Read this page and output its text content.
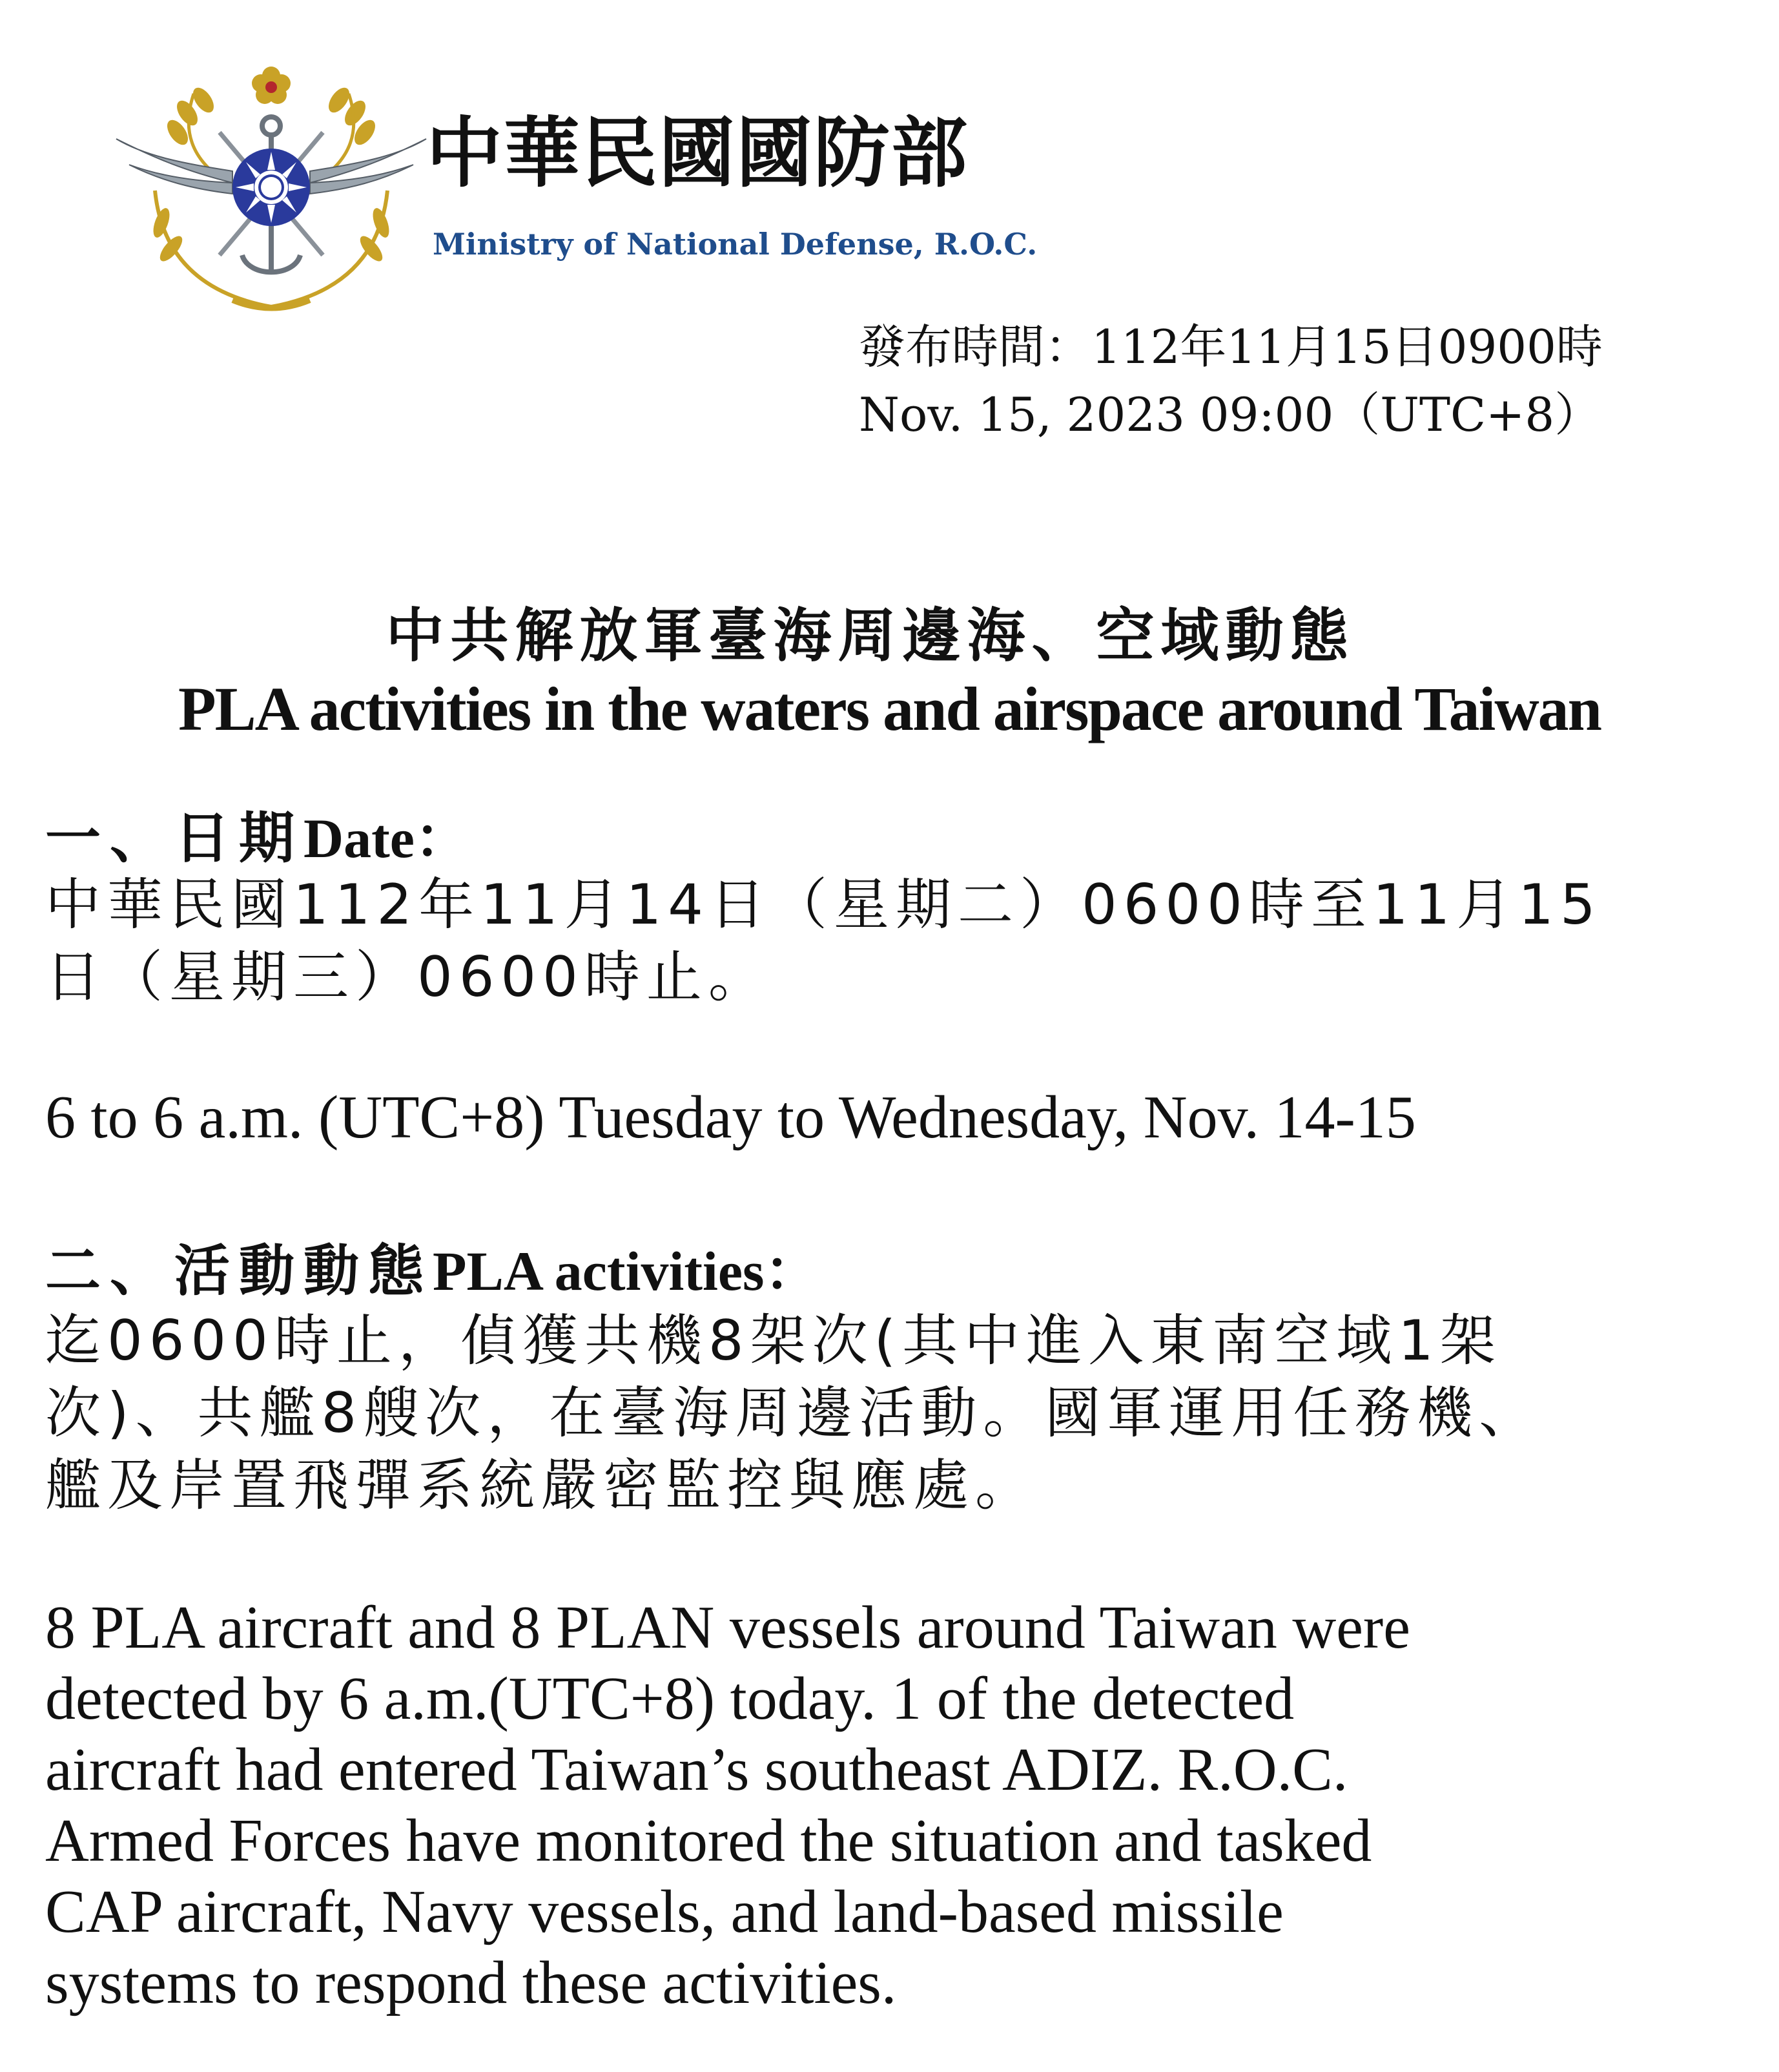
中華民國國防部
Ministry of National Defense, R.O.C.
發布時間：112年11月15日0900時
Nov. 15, 2023 09:00（UTC+8）
中共解放軍臺海周邊海、空域動態
PLA activities in the waters and airspace around Taiwan
一、日期Date：
中華民國112年11月14日（星期二）0600時至11月15
日（星期三）0600時止。
6 to 6 a.m. (UTC+8) Tuesday to Wednesday, Nov. 14-15
二、活動動態PLA activities：
迄0600時止，偵獲共機8架次(其中進入東南空域1架
次)、共艦8艘次，在臺海周邊活動。國軍運用任務機、
艦及岸置飛彈系統嚴密監控與應處。
8 PLA aircraft and 8 PLAN vessels around Taiwan were
detected by 6 a.m.(UTC+8) today. 1 of the detected
aircraft had entered Taiwan’s southeast ADIZ. R.O.C.
Armed Forces have monitored the situation and tasked
CAP aircraft, Navy vessels, and land-based missile
systems to respond these activities.
